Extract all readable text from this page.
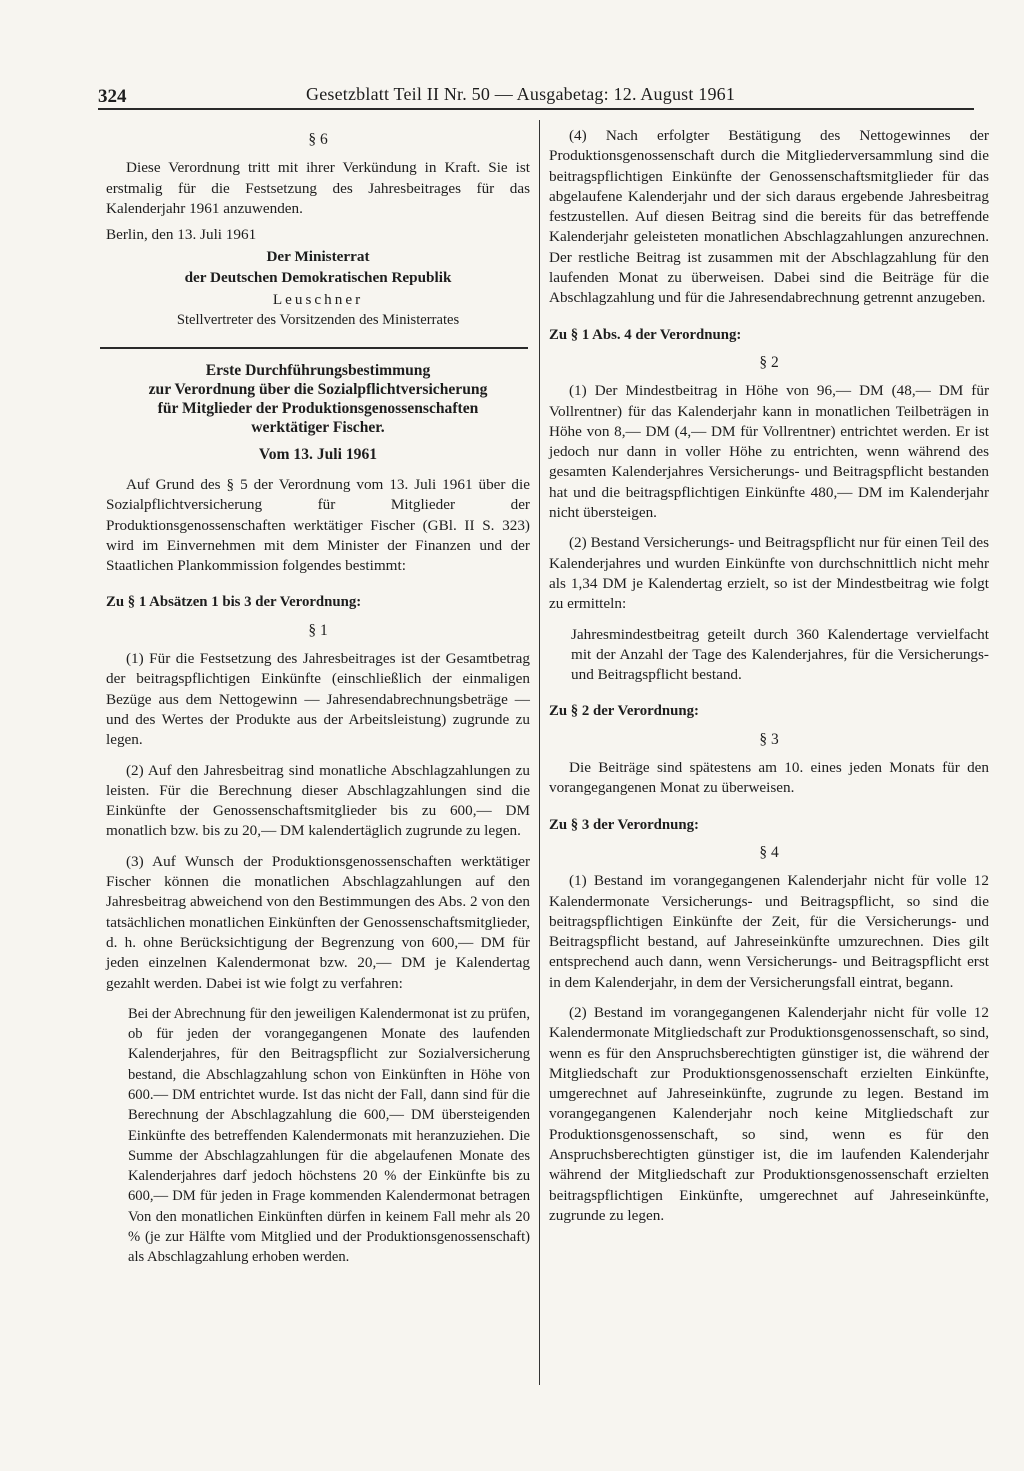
324	Gesetzblatt Teil II Nr. 50 — Ausgabetag: 12. August 1961

§ 6

Diese Verordnung tritt mit ihrer Verkündung in Kraft. Sie ist erstmalig für die Festsetzung des Jahresbeitrages für das Kalenderjahr 1961 anzuwenden.

Berlin, den 13. Juli 1961

Der Ministerrat

der Deutschen Demokratischen Republik

Leuschner

Stellvertreter des Vorsitzenden des Ministerrates

Erste Durchführungsbestimmung
zur Verordnung über die Sozialpflichtversicherung
für Mitglieder der Produktionsgenossenschaften
werktätiger Fischer.

Vom 13. Juli 1961

Auf Grund des § 5 der Verordnung vom 13. Juli 1961 über die Sozialpflichtversicherung für Mitglieder der Produktionsgenossenschaften werktätiger Fischer (GBl. II S. 323) wird im Einvernehmen mit dem Minister der Finanzen und der Staatlichen Plankommission folgendes bestimmt:

Zu § 1 Absätzen 1 bis 3 der Verordnung:

§ 1

(1) Für die Festsetzung des Jahresbeitrages ist der Gesamtbetrag der beitragspflichtigen Einkünfte (einschließlich der einmaligen Bezüge aus dem Nettogewinn — Jahresendabrechnungsbeträge — und des Wertes der Produkte aus der Arbeitsleistung) zugrunde zu legen.

(2) Auf den Jahresbeitrag sind monatliche Abschlagzahlungen zu leisten. Für die Berechnung dieser Abschlagzahlungen sind die Einkünfte der Genossenschaftsmitglieder bis zu 600,— DM monatlich bzw. bis zu 20,— DM kalendertäglich zugrunde zu legen.

(3) Auf Wunsch der Produktionsgenossenschaften werktätiger Fischer können die monatlichen Abschlagzahlungen auf den Jahresbeitrag abweichend von den Bestimmungen des Abs. 2 von den tatsächlichen monatlichen Einkünften der Genossenschaftsmitglieder, d. h. ohne Berücksichtigung der Begrenzung von 600,— DM für jeden einzelnen Kalendermonat bzw. 20,— DM je Kalendertag gezahlt werden. Dabei ist wie folgt zu verfahren:

Bei der Abrechnung für den jeweiligen Kalendermonat ist zu prüfen, ob für jeden der vorangegangenen Monate des laufenden Kalenderjahres, für den Beitragspflicht zur Sozialversicherung bestand, die Abschlagzahlung schon von Einkünften in Höhe von 600.— DM entrichtet wurde. Ist das nicht der Fall, dann sind für die Berechnung der Abschlagzahlung die 600,— DM übersteigenden Einkünfte des betreffenden Kalendermonats mit heranzuziehen. Die Summe der Abschlagzahlungen für die abgelaufenen Monate des Kalenderjahres darf jedoch höchstens 20 % der Einkünfte bis zu 600,— DM für jeden in Frage kommenden Kalendermonat betragen Von den monatlichen Einkünften dürfen in keinem Fall mehr als 20 % (je zur Hälfte vom Mitglied und der Produktionsgenossenschaft) als Abschlagzahlung erhoben werden.

(4) Nach erfolgter Bestätigung des Nettogewinnes der Produktionsgenossenschaft durch die Mitgliederversammlung sind die beitragspflichtigen Einkünfte der Genossenschaftsmitglieder für das abgelaufene Kalenderjahr und der sich daraus ergebende Jahresbeitrag festzustellen. Auf diesen Beitrag sind die bereits für das betreffende Kalenderjahr geleisteten monatlichen Abschlagzahlungen anzurechnen. Der restliche Beitrag ist zusammen mit der Abschlagzahlung für den laufenden Monat zu überweisen. Dabei sind die Beiträge für die Abschlagzahlung und für die Jahresendabrechnung getrennt anzugeben.

Zu § 1 Abs. 4 der Verordnung:

§ 2

(1) Der Mindestbeitrag in Höhe von 96,— DM (48,— DM für Vollrentner) für das Kalenderjahr kann in monatlichen Teilbeträgen in Höhe von 8,— DM (4,— DM für Vollrentner) entrichtet werden. Er ist jedoch nur dann in voller Höhe zu entrichten, wenn während des gesamten Kalenderjahres Versicherungs- und Beitragspflicht bestanden hat und die beitragspflichtigen Einkünfte 480,— DM im Kalenderjahr nicht übersteigen.

(2) Bestand Versicherungs- und Beitragspflicht nur für einen Teil des Kalenderjahres und wurden Einkünfte von durchschnittlich nicht mehr als 1,34 DM je Kalendertag erzielt, so ist der Mindestbeitrag wie folgt zu ermitteln:

Jahresmindestbeitrag geteilt durch 360 Kalendertage vervielfacht mit der Anzahl der Tage des Kalenderjahres, für die Versicherungs- und Beitragspflicht bestand.

Zu § 2 der Verordnung:

§ 3

Die Beiträge sind spätestens am 10. eines jeden Monats für den vorangegangenen Monat zu überweisen.

Zu § 3 der Verordnung:

§ 4

(1) Bestand im vorangegangenen Kalenderjahr nicht für volle 12 Kalendermonate Versicherungs- und Beitragspflicht, so sind die beitragspflichtigen Einkünfte der Zeit, für die Versicherungs- und Beitragspflicht bestand, auf Jahreseinkünfte umzurechnen. Dies gilt entsprechend auch dann, wenn Versicherungs- und Beitragspflicht erst in dem Kalenderjahr, in dem der Versicherungsfall eintrat, begann.

(2) Bestand im vorangegangenen Kalenderjahr nicht für volle 12 Kalendermonate Mitgliedschaft zur Produktionsgenossenschaft, so sind, wenn es für den Anspruchsberechtigten günstiger ist, die während der Mitgliedschaft zur Produktionsgenossenschaft erzielten Einkünfte, umgerechnet auf Jahreseinkünfte, zugrunde zu legen. Bestand im vorangegangenen Kalenderjahr noch keine Mitgliedschaft zur Produktionsgenossenschaft, so sind, wenn es für den Anspruchsberechtigten günstiger ist, die im laufenden Kalenderjahr während der Mitgliedschaft zur Produktionsgenossenschaft erzielten beitragspflichtigen Einkünfte, umgerechnet auf Jahreseinkünfte, zugrunde zu legen.
